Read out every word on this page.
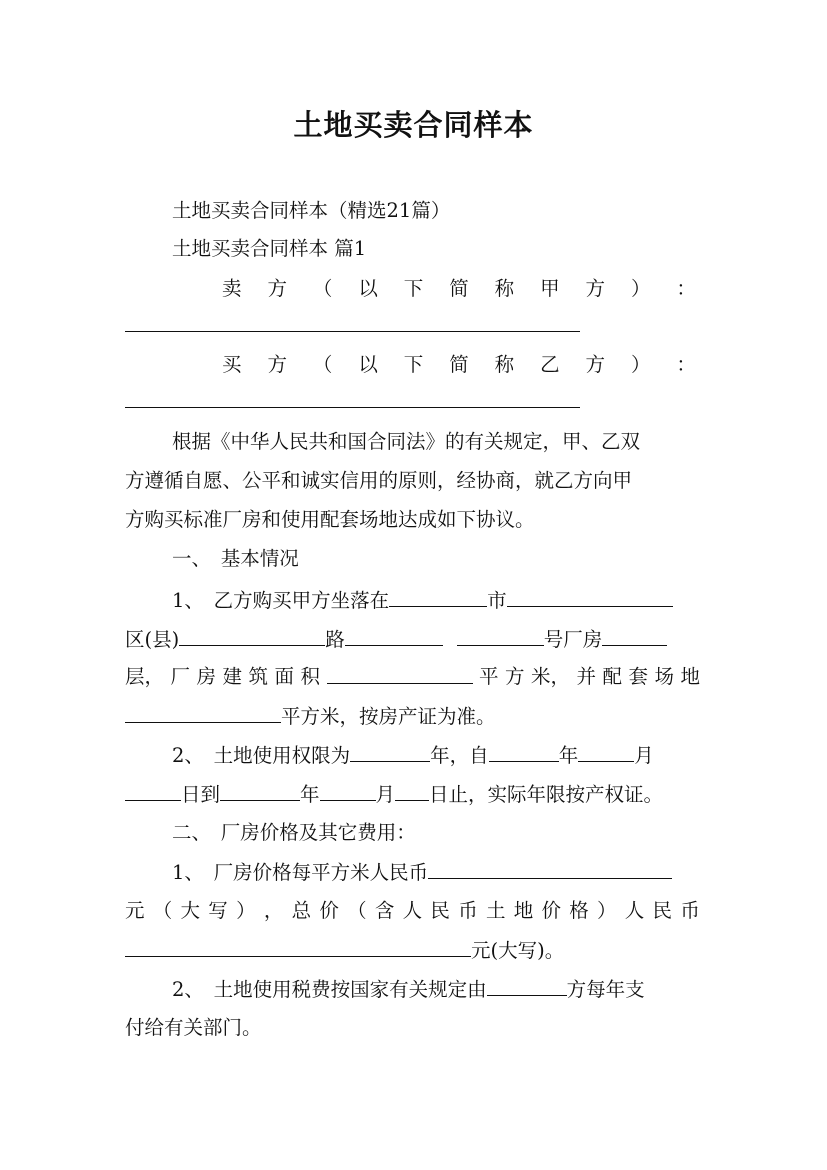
土地买卖合同样本
土地买卖合同样本（精选21篇）
土地买卖合同样本 篇1
卖 方 （ 以 下 简 称 甲 方 ） ：
买 方 （ 以 下 简 称 乙 方 ） ：
根据《中华人民共和国合同法》的有关规定，甲、乙双
方遵循自愿、公平和诚实信用的原则，经协商，就乙方向甲
方购买标准厂房和使用配套场地达成如下协议。
一、　基本情况
1、　乙方购买甲方坐落在	市
区(县)	路	号厂房
层， 厂 房 建 筑 面 积	平 方 米， 并 配 套 场 地
平方米，按房产证为准。
2、　土地使用权限为	年，自	年	月
日到	年	月 日止，实际年限按产权证。
二、　厂房价格及其它费用：
1、　厂房价格每平方米人民币
元 （ 大 写 ） ， 总 价 （ 含 人 民 币 土 地 价 格 ） 人 民 币
元(大写)。
2、　土地使用税费按国家有关规定由	方每年支
付给有关部门。
